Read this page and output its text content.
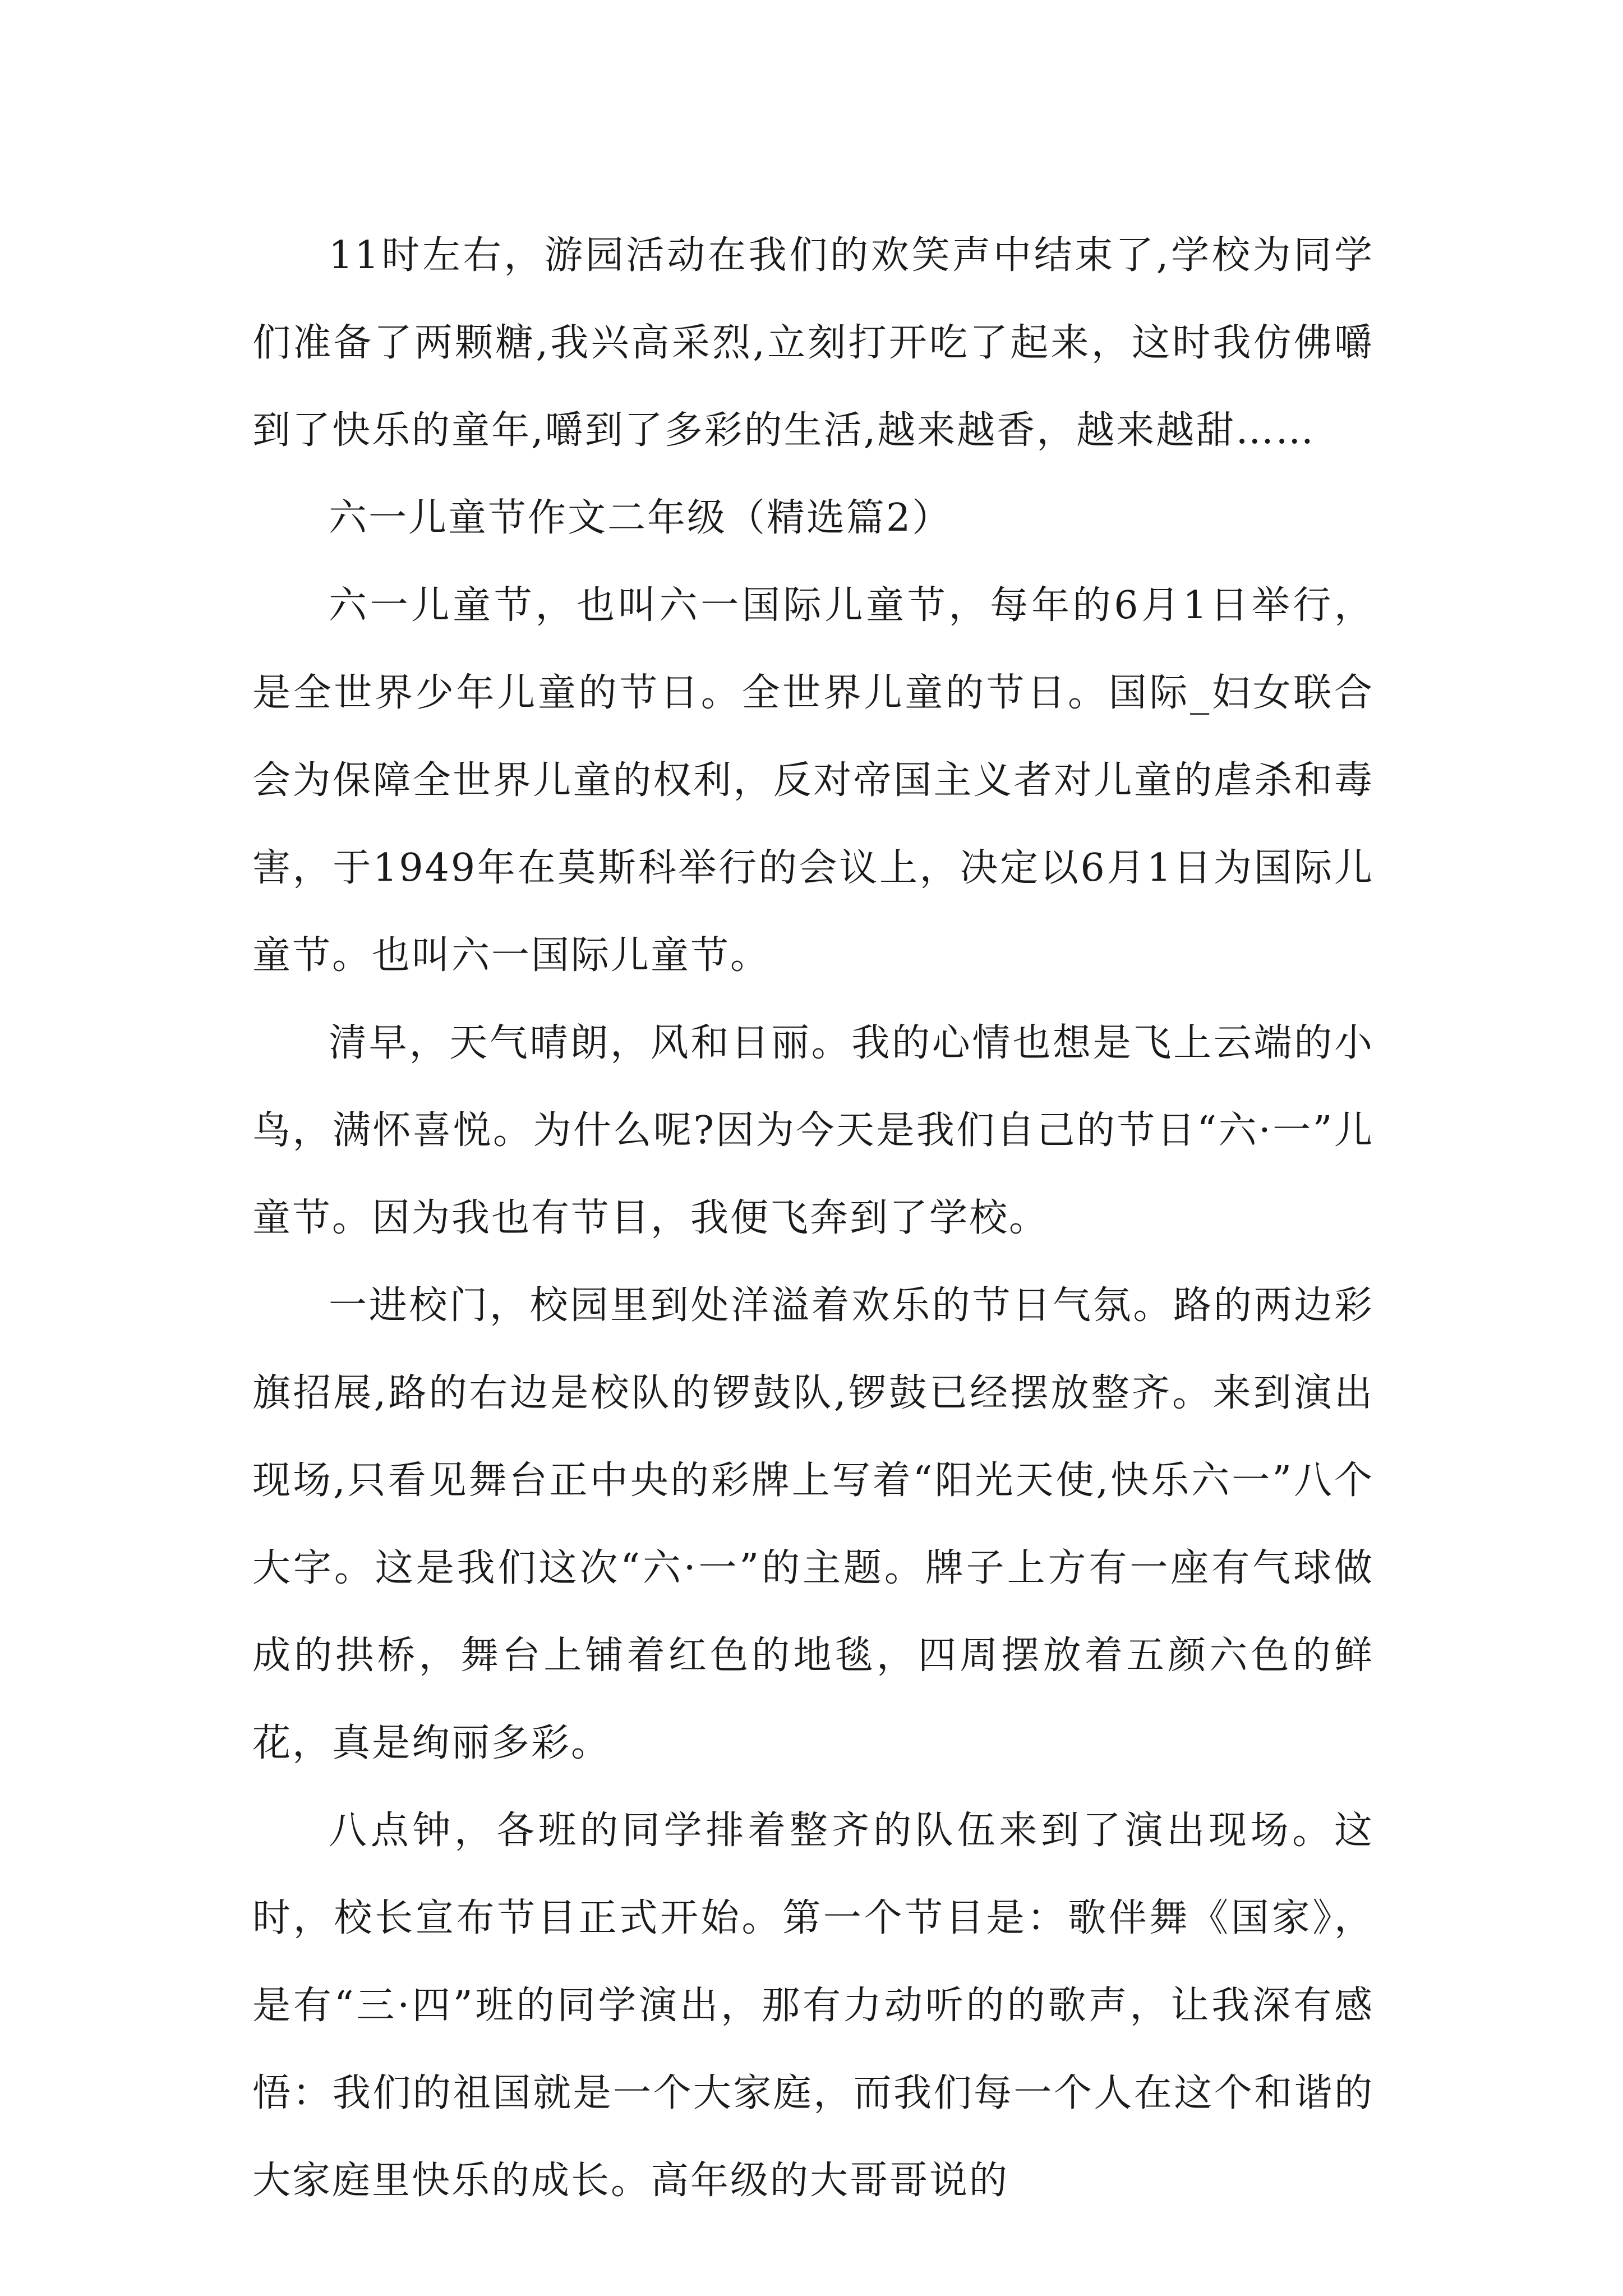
11时左右，游园活动在我们的欢笑声中结束了,学校为同学们准备了两颗糖,我兴高采烈,立刻打开吃了起来，这时我仿佛嚼到了快乐的童年,嚼到了多彩的生活,越来越香，越来越甜……

六一儿童节作文二年级（精选篇2）

六一儿童节，也叫六一国际儿童节，每年的6月1日举行，是全世界少年儿童的节日。全世界儿童的节日。国际_妇女联合会为保障全世界儿童的权利，反对帝国主义者对儿童的虐杀和毒害，于1949年在莫斯科举行的会议上，决定以6月1日为国际儿童节。也叫六一国际儿童节。

清早，天气晴朗，风和日丽。我的心情也想是飞上云端的小鸟，满怀喜悦。为什么呢?因为今天是我们自己的节日“六·一”儿童节。因为我也有节目，我便飞奔到了学校。

一进校门，校园里到处洋溢着欢乐的节日气氛。路的两边彩旗招展,路的右边是校队的锣鼓队,锣鼓已经摆放整齐。来到演出现场,只看见舞台正中央的彩牌上写着“阳光天使,快乐六一”八个大字。这是我们这次“六·一”的主题。牌子上方有一座有气球做成的拱桥，舞台上铺着红色的地毯，四周摆放着五颜六色的鲜花，真是绚丽多彩。

八点钟，各班的同学排着整齐的队伍来到了演出现场。这时，校长宣布节目正式开始。第一个节目是：歌伴舞《国家》，是有“三·四”班的同学演出，那有力动听的的歌声，让我深有感悟：我们的祖国就是一个大家庭，而我们每一个人在这个和谐的大家庭里快乐的成长。高年级的大哥哥说的
